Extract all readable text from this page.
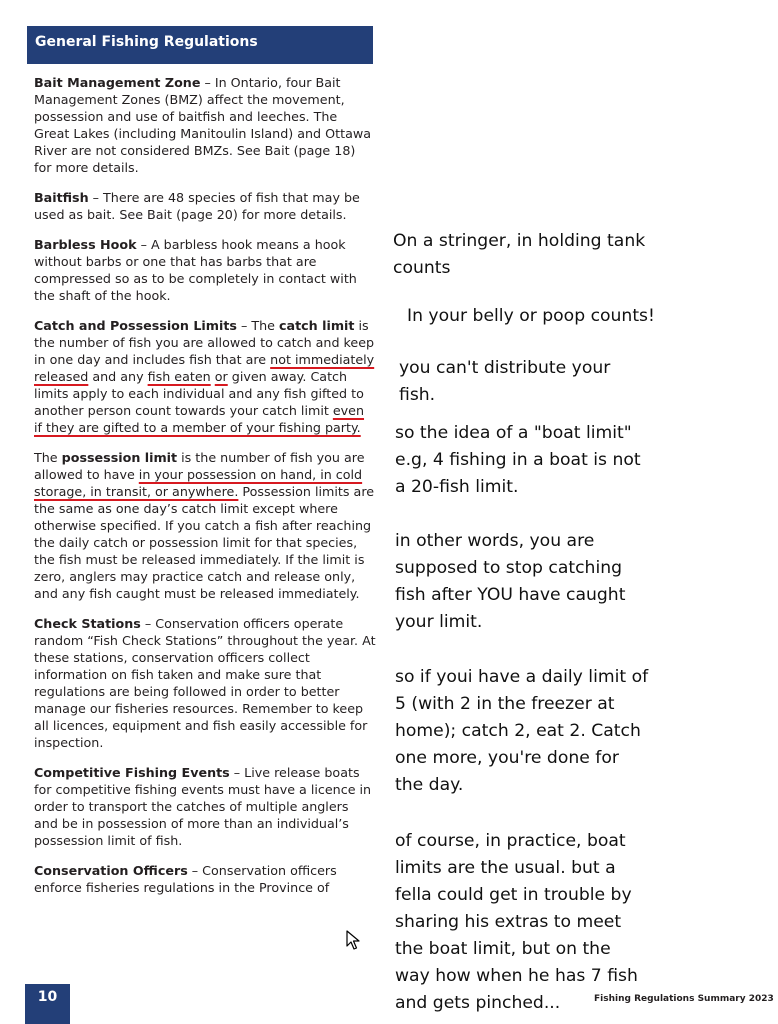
General Fishing Regulations

Bait Management Zone – In Ontario, four Bait Management Zones (BMZ) affect the movement, possession and use of baitfish and leeches. The Great Lakes (including Manitoulin Island) and Ottawa River are not considered BMZs. See Bait (page 18) for more details.

Baitfish – There are 48 species of fish that may be used as bait. See Bait (page 20) for more details.

Barbless Hook – A barbless hook means a hook without barbs or one that has barbs that are compressed so as to be completely in contact with the shaft of the hook.

Catch and Possession Limits – The catch limit is the number of fish you are allowed to catch and keep in one day and includes fish that are not immediately released and any fish eaten or given away. Catch limits apply to each individual and any fish gifted to another person count towards your catch limit even if they are gifted to a member of your fishing party.

The possession limit is the number of fish you are allowed to have in your possession on hand, in cold storage, in transit, or anywhere. Possession limits are the same as one day’s catch limit except where otherwise specified. If you catch a fish after reaching the daily catch or possession limit for that species, the fish must be released immediately. If the limit is zero, anglers may practice catch and release only, and any fish caught must be released immediately.

Check Stations – Conservation officers operate random “Fish Check Stations” throughout the year. At these stations, conservation officers collect information on fish taken and make sure that regulations are being followed in order to better manage our fisheries resources. Remember to keep all licences, equipment and fish easily accessible for inspection.

Competitive Fishing Events – Live release boats for competitive fishing events must have a licence in order to transport the catches of multiple anglers and be in possession of more than an individual’s possession limit of fish.

Conservation Officers – Conservation officers enforce fisheries regulations in the Province of

On a stringer, in holding tank
counts
In your belly or poop counts!
you can't distribute your
fish.
so the idea of a "boat limit"
e.g, 4 fishing in a boat is not
a 20-fish limit.
in other words, you are
supposed to stop catching
fish after YOU have caught
your limit.
so if youi have a daily limit of
5 (with 2 in the freezer at
home); catch 2, eat 2. Catch
one more, you're done for
the day.
of course, in practice, boat
limits are the usual. but a
fella could get in trouble by
sharing his extras to meet
the boat limit, but on the
way how when he has 7 fish
and gets pinched...
10	Fishing Regulations Summary 2023
